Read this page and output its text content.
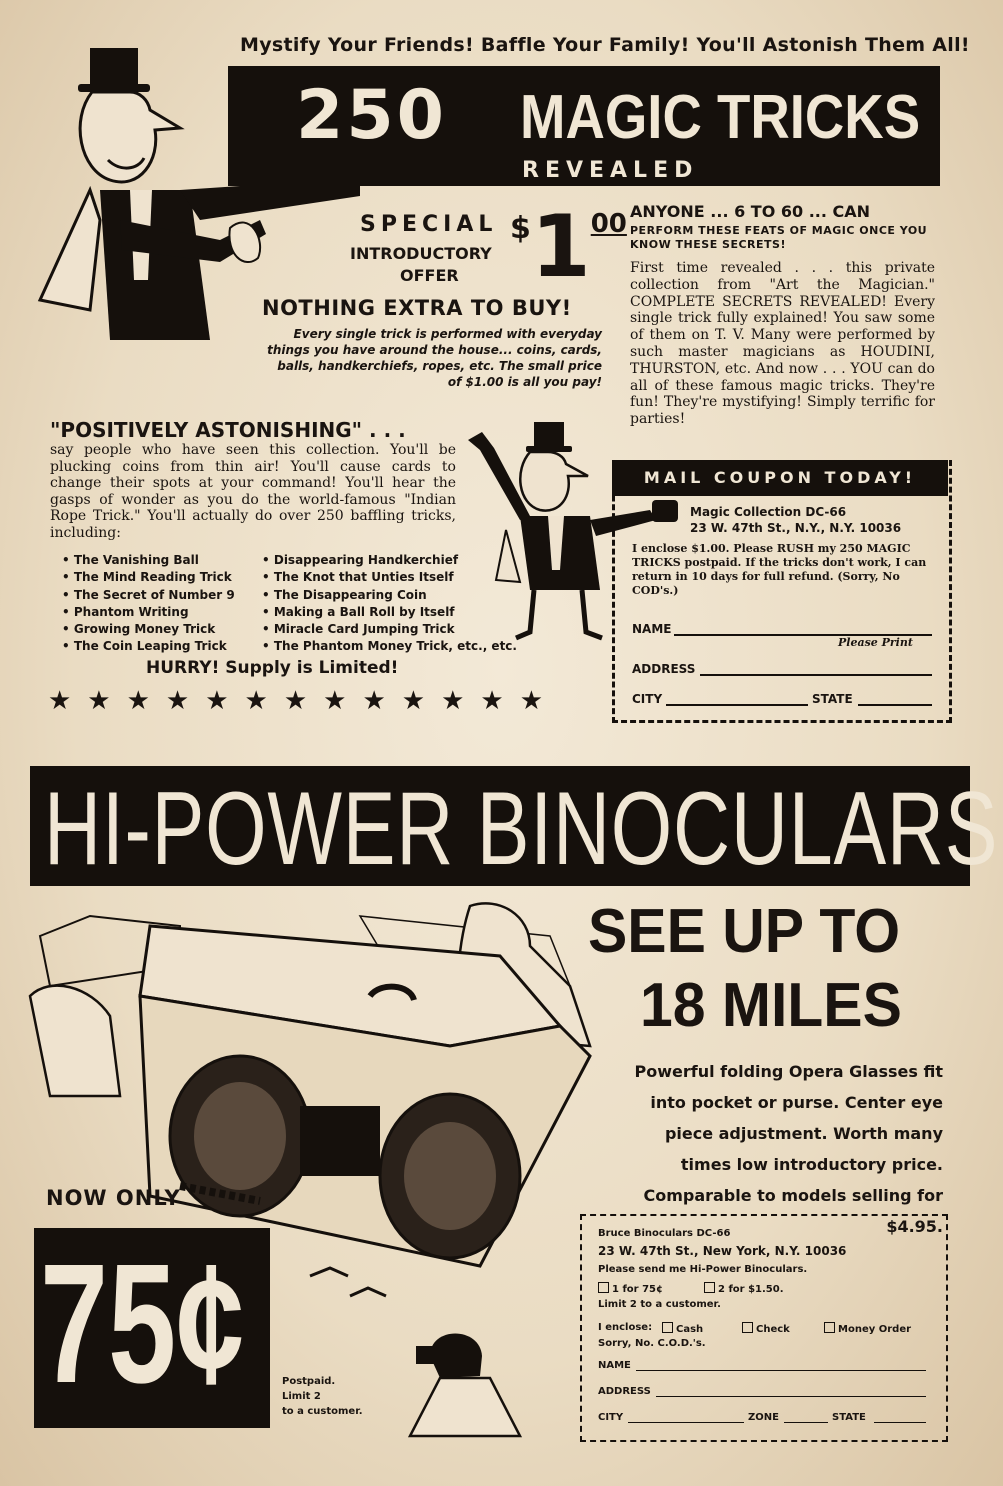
Mystify Your Friends! Baffle Your Family! You'll Astonish Them All!
250 MAGIC TRICKS
REVEALED
SPECIAL
INTRODUCTORY
OFFER
$^{\$}1^{00}$
NOTHING EXTRA TO BUY!
Every single trick is performed with everyday things you have around the house... coins, cards, balls, handkerchiefs, ropes, etc. The small price of $1.00 is all you pay!
ANYONE ... 6 TO 60 ... CAN
PERFORM THESE FEATS OF MAGIC ONCE YOU KNOW THESE SECRETS!
First time revealed . . . this private collection from "Art the Magician." COMPLETE SECRETS REVEALED! Every single trick fully explained! You saw some of them on T. V. Many were performed by such master magicians as HOUDINI, THURSTON, etc. And now . . . YOU can do all of these famous magic tricks. They're fun! They're mystifying! Simply terrific for parties!
"POSITIVELY ASTONISHING" . . .
say people who have seen this collection. You'll be plucking coins from thin air! You'll cause cards to change their spots at your command! You'll hear the gasps of wonder as you do the world-famous "Indian Rope Trick." You'll actually do over 250 baffling tricks, including:
• The Vanishing Ball
• The Mind Reading Trick
• The Secret of Number 9
• Phantom Writing
• Growing Money Trick
• The Coin Leaping Trick
• Disappearing Handkerchief
• The Knot that Unties Itself
• The Disappearing Coin
• Making a Ball Roll by Itself
• Miracle Card Jumping Trick
• The Phantom Money Trick, etc., etc.
HURRY! Supply is Limited!
★★★★★★★★★★★★★
MAIL COUPON TODAY!
Magic Collection DC-66
23 W. 47th St., N.Y., N.Y. 10036
I enclose $1.00. Please RUSH my 250 MAGIC TRICKS postpaid. If the tricks don't work, I can return in 10 days for full refund. (Sorry, No COD's.)
NAME
Please Print
ADDRESS
CITY	STATE
HI-POWER BINOCULARS
SEE UP TO
18 MILES
Powerful folding Opera Glasses fit into pocket or purse. Center eye piece adjustment. Worth many times low introductory price. Comparable to models selling for $4.95.
NOW ONLY
75¢	Postpaid.
Limit 2
to a customer.
Bruce Binoculars DC-66
23 W. 47th St., New York, N.Y. 10036
Please send me Hi-Power Binoculars.
1 for 75¢	2 for $1.50.
Limit 2 to a customer.
I enclose:	Cash	Check	Money Order
Sorry, No. C.O.D.'s.
NAME
ADDRESS
CITY	ZONE	STATE
